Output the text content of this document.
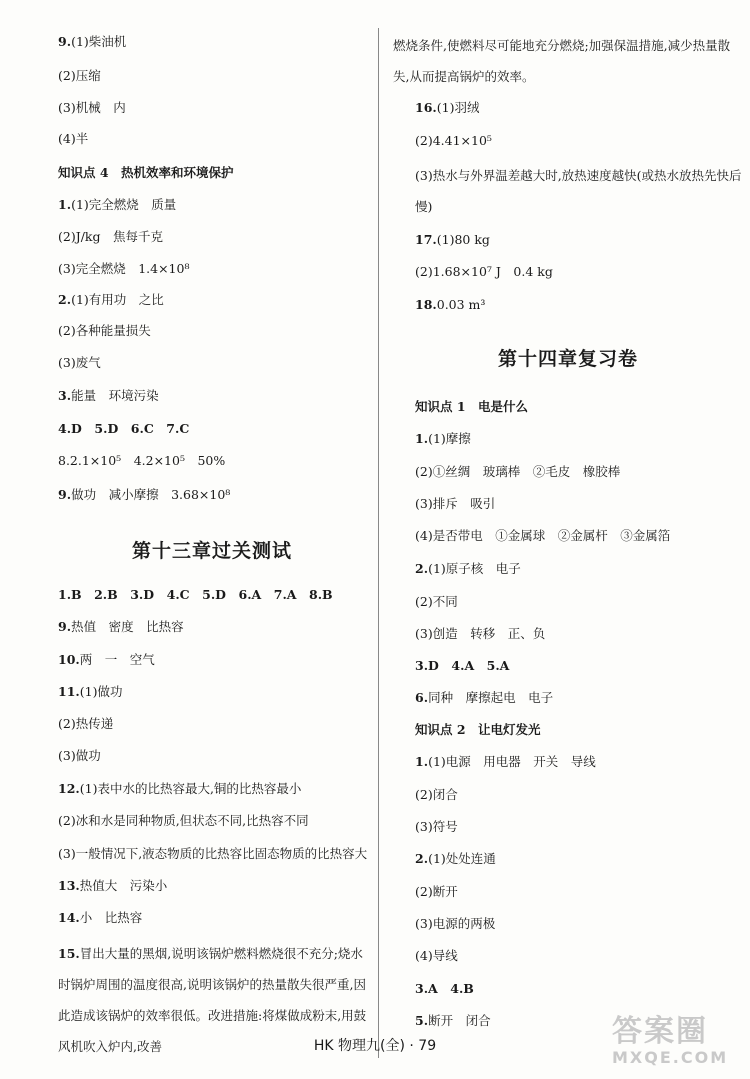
9.(1)柴油机
(2)压缩
(3)机械　内
(4)半
知识点 4　热机效率和环境保护
1.(1)完全燃烧　质量
(2)J/kg　焦每千克
(3)完全燃烧　1.4×10⁸
2.(1)有用功　之比
(2)各种能量损失
(3)废气
3.能量　环境污染
4.D　5.D　6.C　7.C
8.2.1×10⁵　4.2×10⁵　50%
9.做功　减小摩擦　3.68×10⁸
第十三章过关测试
1.B　2.B　3.D　4.C　5.D　6.A　7.A　8.B
9.热值　密度　比热容
10.两　一　空气
11.(1)做功
(2)热传递
(3)做功
12.(1)表中水的比热容最大,铜的比热容最小
(2)冰和水是同种物质,但状态不同,比热容不同
(3)一般情况下,液态物质的比热容比固态物质的比热容大
13.热值大　污染小
14.小　比热容
15.冒出大量的黑烟,说明该锅炉燃料燃烧很不充分;烧水时锅炉周围的温度很高,说明该锅炉的热量散失很严重,因此造成该锅炉的效率很低。改进措施:将煤做成粉末,用鼓风机吹入炉内,改善
燃烧条件,使燃料尽可能地充分燃烧;加强保温措施,减少热量散失,从而提高锅炉的效率。
16.(1)羽绒
(2)4.41×10⁵
(3)热水与外界温差越大时,放热速度越快(或热水放热先快后慢)
17.(1)80 kg
(2)1.68×10⁷ J　0.4 kg
18.0.03 m³
第十四章复习卷
知识点 1　电是什么
1.(1)摩擦
(2)①丝绸　玻璃棒　②毛皮　橡胶棒
(3)排斥　吸引
(4)是否带电　①金属球　②金属杆　③金属箔
2.(1)原子核　电子
(2)不同
(3)创造　转移　正、负
3.D　4.A　5.A
6.同种　摩擦起电　电子
知识点 2　让电灯发光
1.(1)电源　用电器　开关　导线
(2)闭合
(3)符号
2.(1)处处连通
(2)断开
(3)电源的两极
(4)导线
3.A　4.B
5.断开　闭合
HK 物理九(全) · 79	答案圈
MXQE.COM
